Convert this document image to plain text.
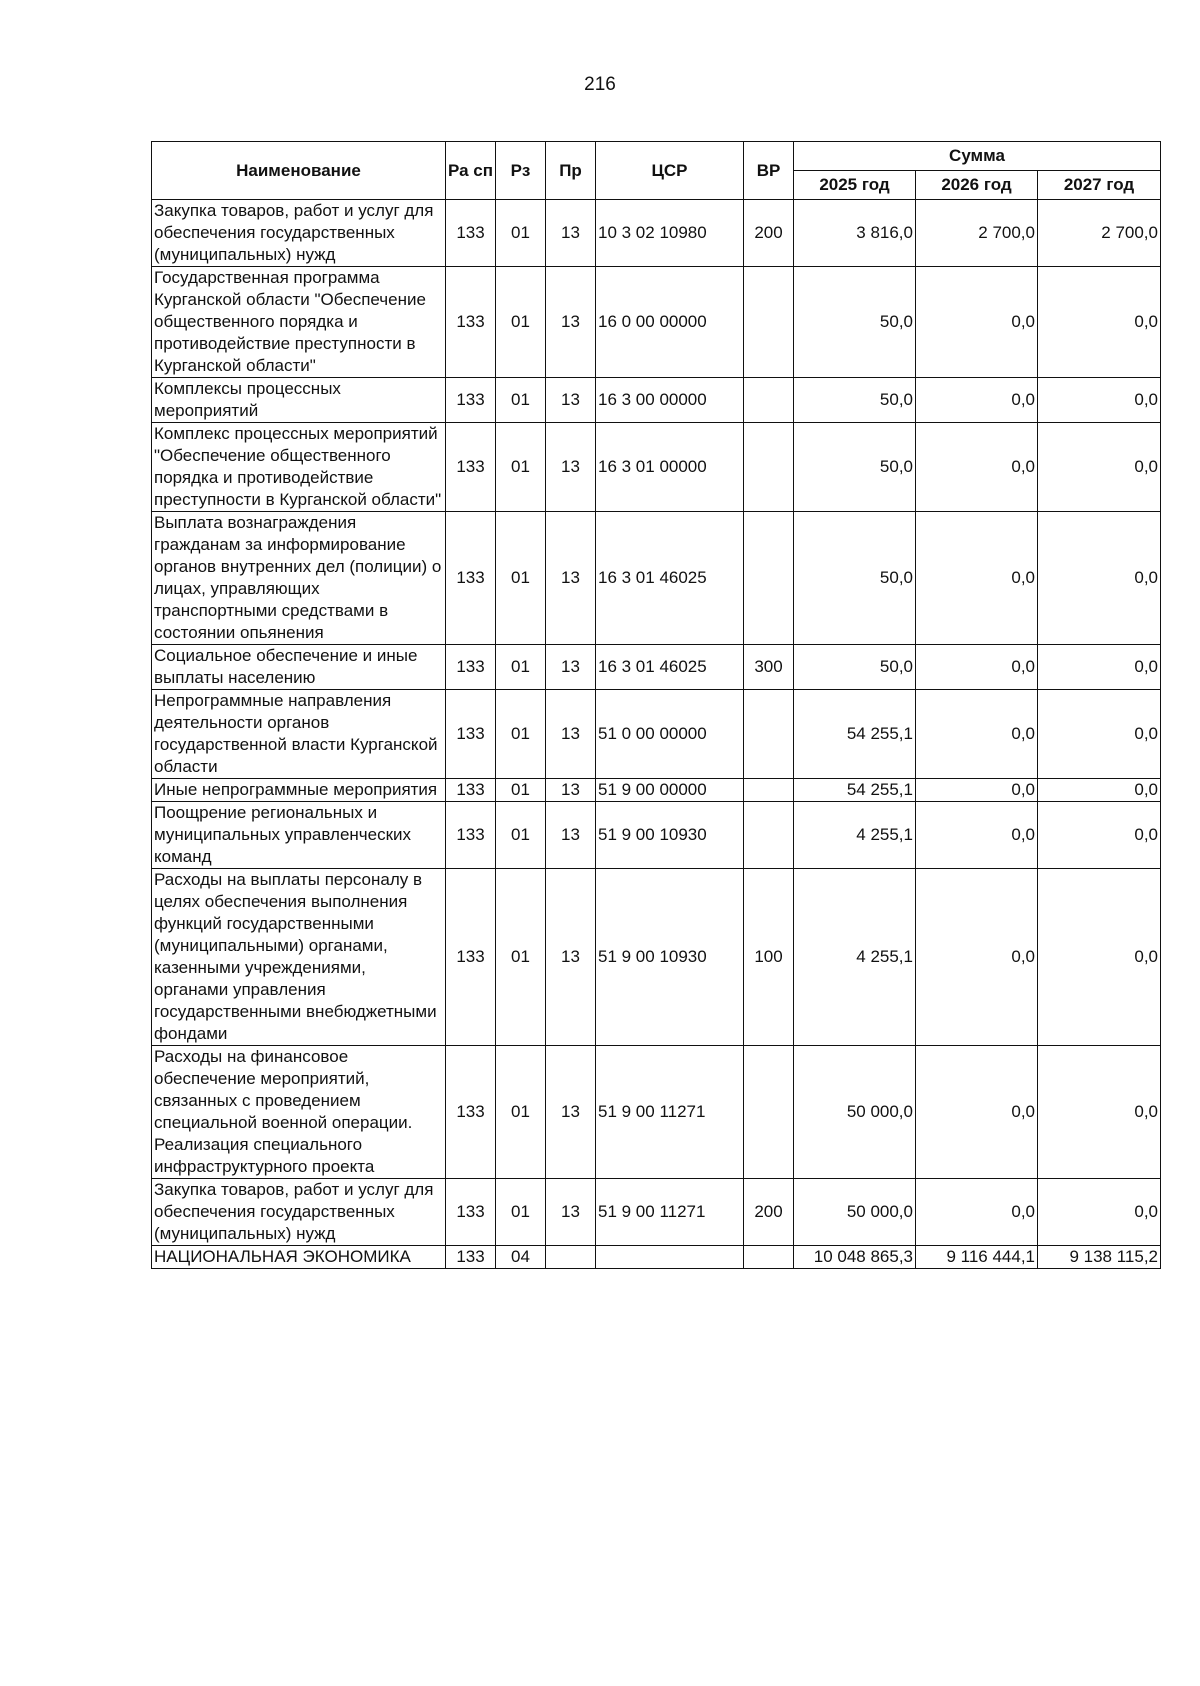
216
Наименование	Ра сп	Рз	Пр	ЦСР	ВР	Сумма		
						2025 год	2026 год	2027 год
Закупка товаров, работ и услуг для обеспечения государственных (муниципальных) нужд	133	01	13	10 3 02 10980	200	3 816,0	2 700,0	2 700,0
Государственная программа Курганской области "Обеспечение общественного порядка и противодействие преступности в Курганской области"	133	01	13	16 0 00 00000		50,0	0,0	0,0
Комплексы процессных мероприятий	133	01	13	16 3 00 00000		50,0	0,0	0,0
Комплекс процессных мероприятий "Обеспечение общественного порядка и противодействие преступности в Курганской области"	133	01	13	16 3 01 00000		50,0	0,0	0,0
Выплата вознаграждения гражданам за информирование органов внутренних дел (полиции) о лицах, управляющих транспортными средствами в состоянии опьянения	133	01	13	16 3 01 46025		50,0	0,0	0,0
Социальное обеспечение и иные выплаты населению	133	01	13	16 3 01 46025	300	50,0	0,0	0,0
Непрограммные направления деятельности органов государственной власти Курганской области	133	01	13	51 0 00 00000		54 255,1	0,0	0,0
Иные непрограммные мероприятия	133	01	13	51 9 00 00000		54 255,1	0,0	0,0
Поощрение региональных и муниципальных управленческих команд	133	01	13	51 9 00 10930		4 255,1	0,0	0,0
Расходы на выплаты персоналу в целях обеспечения выполнения функций государственными (муниципальными) органами, казенными учреждениями, органами управления государственными внебюджетными фондами	133	01	13	51 9 00 10930	100	4 255,1	0,0	0,0
Расходы на финансовое обеспечение мероприятий, связанных с проведением специальной военной операции. Реализация специального инфраструктурного проекта	133	01	13	51 9 00 11271		50 000,0	0,0	0,0
Закупка товаров, работ и услуг для обеспечения государственных (муниципальных) нужд	133	01	13	51 9 00 11271	200	50 000,0	0,0	0,0
НАЦИОНАЛЬНАЯ ЭКОНОМИКА	133	04				10 048 865,3	9 116 444,1	9 138 115,2
